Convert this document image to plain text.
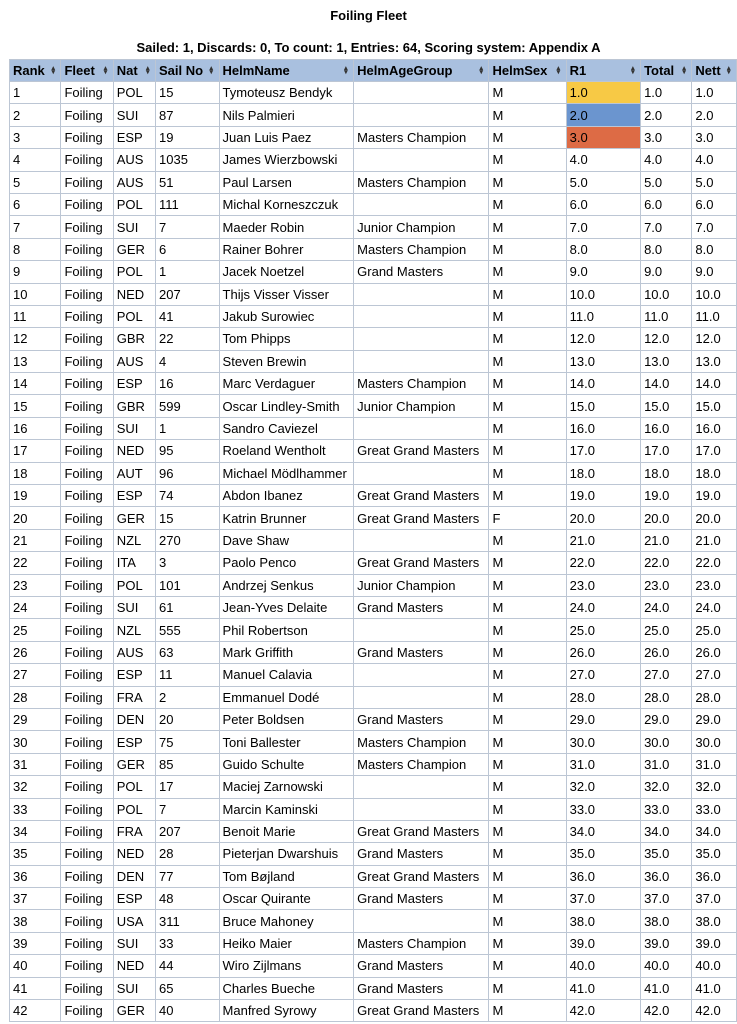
Foiling Fleet
Sailed: 1, Discards: 0, To count: 1, Entries: 64, Scoring system: Appendix A
Rank ▴▾	Fleet ▴▾	Nat ▴▾	Sail No ▴▾	HelmName ▴▾	HelmAgeGroup ▴▾	HelmSex ▴▾	R1 ▴▾	Total ▴▾	Nett ▴▾

1	Foiling	POL	15	Tymoteusz Bendyk		M	1.0	1.0	1.0
2	Foiling	SUI	87	Nils Palmieri		M	2.0	2.0	2.0
3	Foiling	ESP	19	Juan Luis Paez	Masters Champion	M	3.0	3.0	3.0
4	Foiling	AUS	1035	James Wierzbowski		M	4.0	4.0	4.0
5	Foiling	AUS	51	Paul Larsen	Masters Champion	M	5.0	5.0	5.0
6	Foiling	POL	111	Michal Korneszczuk		M	6.0	6.0	6.0
7	Foiling	SUI	7	Maeder Robin	Junior Champion	M	7.0	7.0	7.0
8	Foiling	GER	6	Rainer Bohrer	Masters Champion	M	8.0	8.0	8.0
9	Foiling	POL	1	Jacek Noetzel	Grand Masters	M	9.0	9.0	9.0
10	Foiling	NED	207	Thijs Visser Visser		M	10.0	10.0	10.0
11	Foiling	POL	41	Jakub Surowiec		M	11.0	11.0	11.0
12	Foiling	GBR	22	Tom Phipps		M	12.0	12.0	12.0
13	Foiling	AUS	4	Steven Brewin		M	13.0	13.0	13.0
14	Foiling	ESP	16	Marc Verdaguer	Masters Champion	M	14.0	14.0	14.0
15	Foiling	GBR	599	Oscar Lindley-Smith	Junior Champion	M	15.0	15.0	15.0
16	Foiling	SUI	1	Sandro Caviezel		M	16.0	16.0	16.0
17	Foiling	NED	95	Roeland Wentholt	Great Grand Masters	M	17.0	17.0	17.0
18	Foiling	AUT	96	Michael Mödlhammer		M	18.0	18.0	18.0
19	Foiling	ESP	74	Abdon Ibanez	Great Grand Masters	M	19.0	19.0	19.0
20	Foiling	GER	15	Katrin Brunner	Great Grand Masters	F	20.0	20.0	20.0
21	Foiling	NZL	270	Dave Shaw		M	21.0	21.0	21.0
22	Foiling	ITA	3	Paolo Penco	Great Grand Masters	M	22.0	22.0	22.0
23	Foiling	POL	101	Andrzej Senkus	Junior Champion	M	23.0	23.0	23.0
24	Foiling	SUI	61	Jean-Yves Delaite	Grand Masters	M	24.0	24.0	24.0
25	Foiling	NZL	555	Phil Robertson		M	25.0	25.0	25.0
26	Foiling	AUS	63	Mark Griffith	Grand Masters	M	26.0	26.0	26.0
27	Foiling	ESP	11	Manuel Calavia		M	27.0	27.0	27.0
28	Foiling	FRA	2	Emmanuel Dodé		M	28.0	28.0	28.0
29	Foiling	DEN	20	Peter Boldsen	Grand Masters	M	29.0	29.0	29.0
30	Foiling	ESP	75	Toni Ballester	Masters Champion	M	30.0	30.0	30.0
31	Foiling	GER	85	Guido Schulte	Masters Champion	M	31.0	31.0	31.0
32	Foiling	POL	17	Maciej Zarnowski		M	32.0	32.0	32.0
33	Foiling	POL	7	Marcin Kaminski		M	33.0	33.0	33.0
34	Foiling	FRA	207	Benoit Marie	Great Grand Masters	M	34.0	34.0	34.0
35	Foiling	NED	28	Pieterjan Dwarshuis	Grand Masters	M	35.0	35.0	35.0
36	Foiling	DEN	77	Tom Bøjland	Great Grand Masters	M	36.0	36.0	36.0
37	Foiling	ESP	48	Oscar Quirante	Grand Masters	M	37.0	37.0	37.0
38	Foiling	USA	311	Bruce Mahoney		M	38.0	38.0	38.0
39	Foiling	SUI	33	Heiko Maier	Masters Champion	M	39.0	39.0	39.0
40	Foiling	NED	44	Wiro Zijlmans	Grand Masters	M	40.0	40.0	40.0
41	Foiling	SUI	65	Charles Bueche	Grand Masters	M	41.0	41.0	41.0
42	Foiling	GER	40	Manfred Syrowy	Great Grand Masters	M	42.0	42.0	42.0
